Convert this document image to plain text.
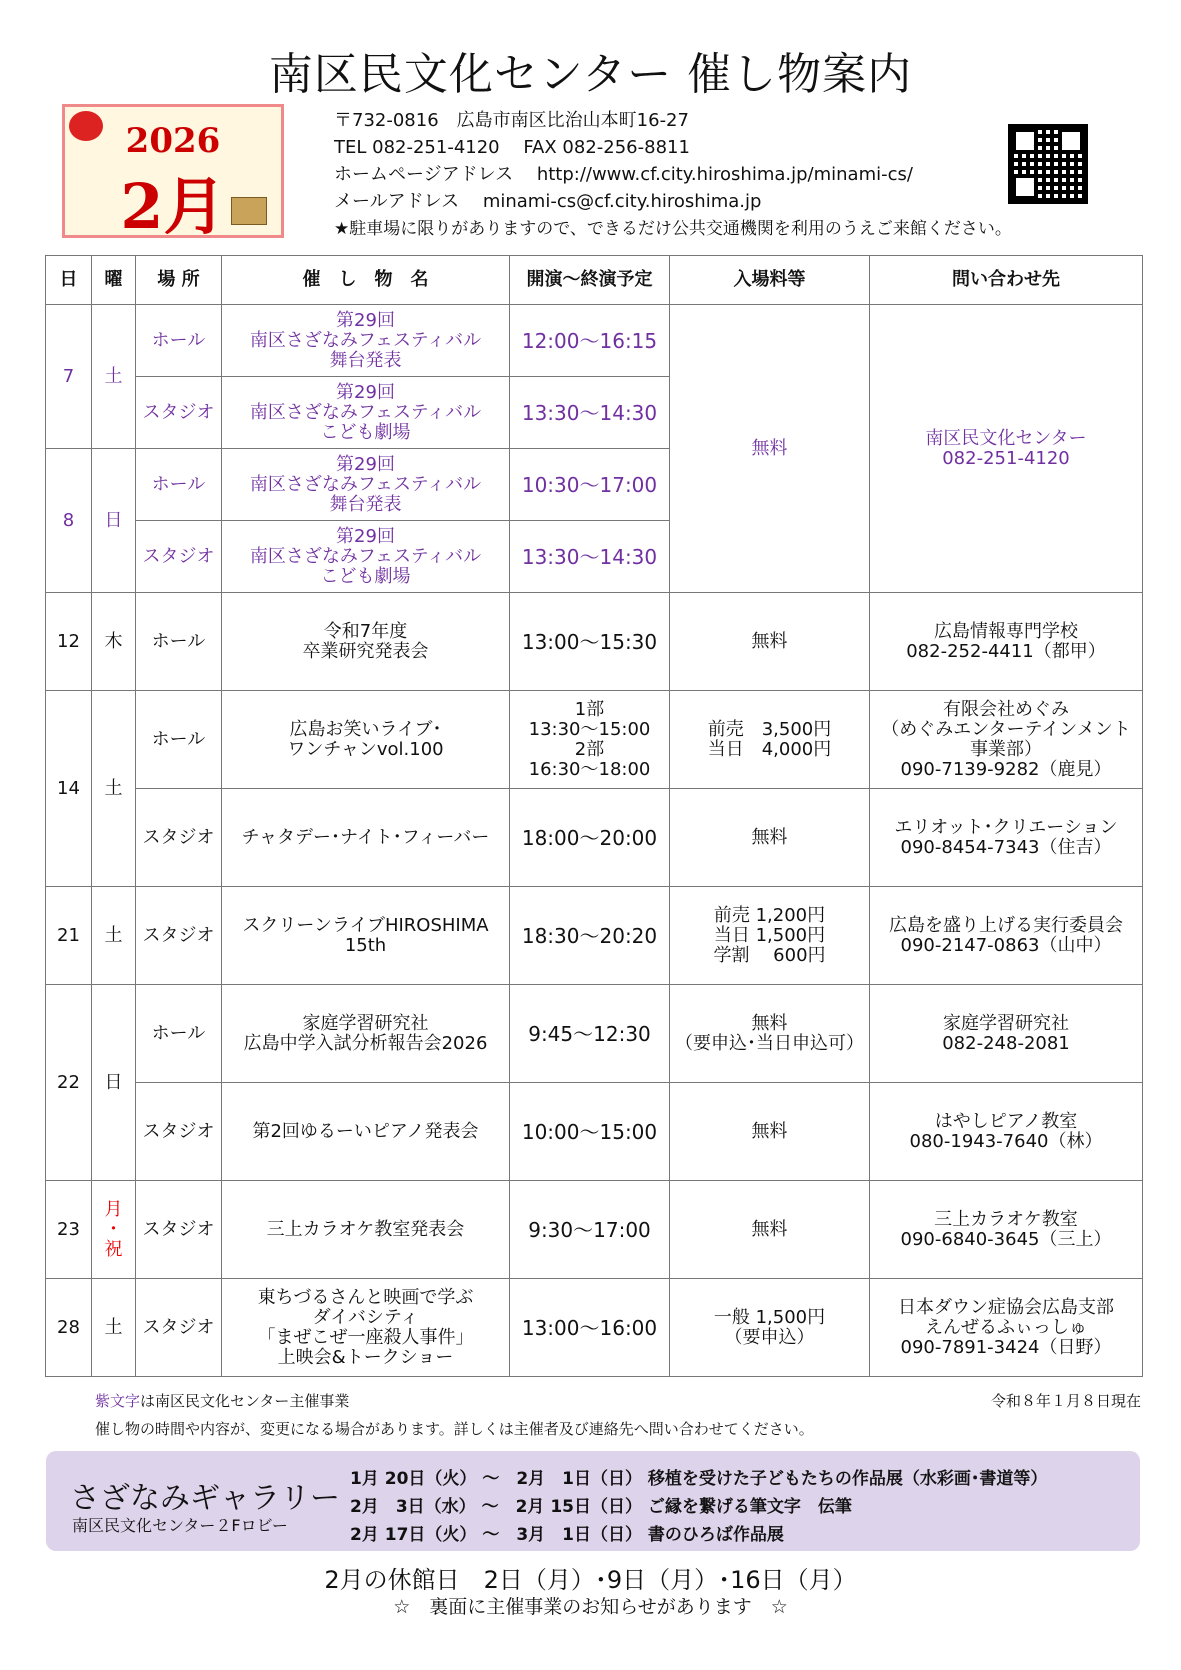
南区民文化センター 催し物案内
2026
2月
〒732-0816　広島市南区比治山本町16-27
TEL 082-251-4120　 FAX 082-256-8811
ホームページアドレス　 http://www.cf.city.hiroshima.jp/minami-cs/
メールアドレス　 minami-cs@cf.city.hiroshima.jp
★駐車場に限りがありますので、できるだけ公共交通機関を利用のうえご来館ください。
日	曜	場 所	催　し　物　名	開演～終演予定	入場料等	問い合わせ先
7	土	ホール	第29回
南区さざなみフェスティバル
舞台発表	12:00～16:15	無料	南区民文化センター
082-251-4120
		スタジオ	第29回
南区さざなみフェスティバル
こども劇場	13:30～14:30		
8	日	ホール	第29回
南区さざなみフェスティバル
舞台発表	10:30～17:00		
		スタジオ	第29回
南区さざなみフェスティバル
こども劇場	13:30～14:30		
12	木	ホール	令和7年度
卒業研究発表会	13:00～15:30	無料	広島情報専門学校
082-252-4411（都甲）
14	土	ホール	広島お笑いライブ･
ワンチャンvol.100	1部
13:30～15:00
2部
16:30～18:00	前売　3,500円
当日　4,000円	有限会社めぐみ
（めぐみエンターテインメント
事業部）
090-7139-9282（鹿見）
		スタジオ	チャタデー･ナイト･フィーバー	18:00～20:00	無料	エリオット･クリエーション
090-8454-7343（住吉）
21	土	スタジオ	スクリーンライブHIROSHIMA
15th	18:30～20:20	前売 1,200円
当日 1,500円
学割　 600円	広島を盛り上げる実行委員会
090-2147-0863（山中）
22	日	ホール	家庭学習研究社
広島中学入試分析報告会2026	9:45～12:30	無料
（要申込･当日申込可）	家庭学習研究社
082-248-2081
		スタジオ	第2回ゆるーいピアノ発表会	10:00～15:00	無料	はやしピアノ教室
080-1943-7640（林）
23	月
･
祝	スタジオ	三上カラオケ教室発表会	9:30～17:00	無料	三上カラオケ教室
090-6840-3645（三上）
28	土	スタジオ	東ちづるさんと映画で学ぶ
ダイバシティ
「まぜこぜ一座殺人事件」
上映会&トークショー	13:00～16:00	一般 1,500円
（要申込）	日本ダウン症協会広島支部
えんぜるふぃっしゅ
090-7891-3424（日野）
紫文字は南区民文化センター主催事業	令和８年１月８日現在
催し物の時間や内容が、変更になる場合があります。詳しくは主催者及び連絡先へ問い合わせてください。
さざなみギャラリー
南区民文化センター２Fロビー
1月 20日（火） ～　2月　1日（日） 移植を受けた子どもたちの作品展（水彩画･書道等）
2月　3日（水） ～　2月 15日（日） ご縁を繋げる筆文字　伝筆
2月 17日（火） ～　3月　1日（日） 書のひろば作品展
2月の休館日　2日（月）･9日（月）･16日（月）
☆　裏面に主催事業のお知らせがあります　☆
